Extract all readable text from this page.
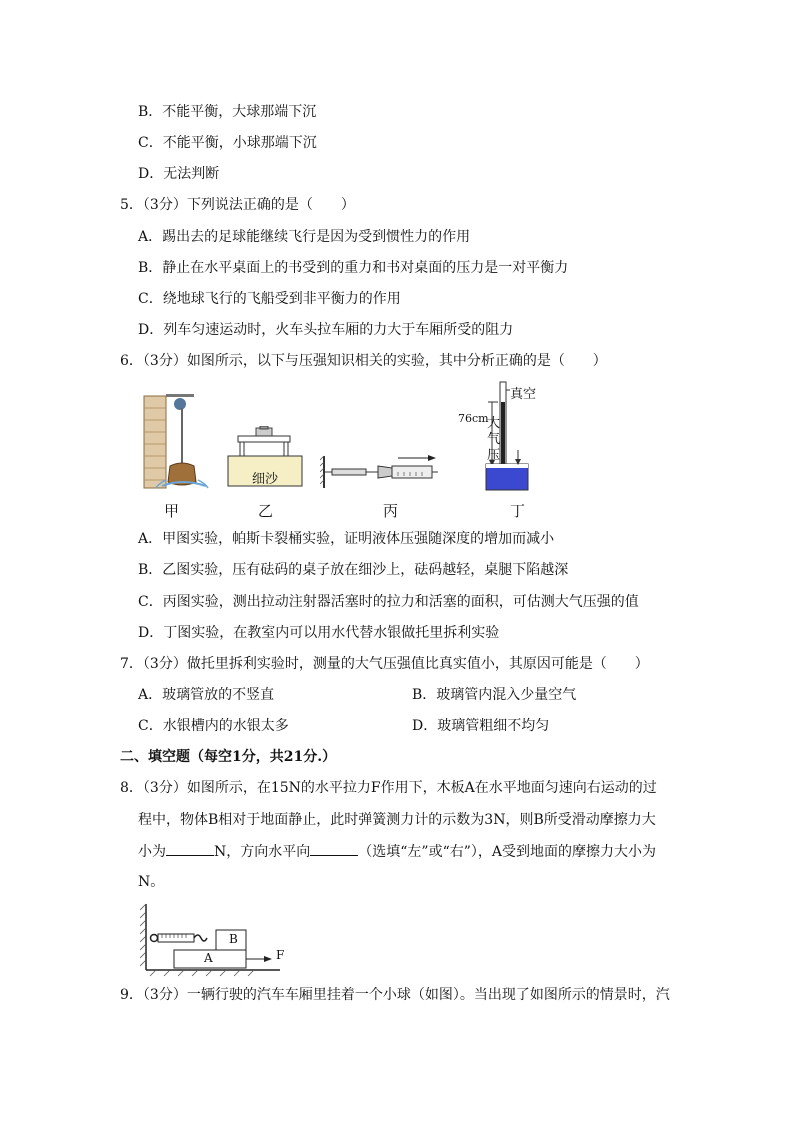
B．不能平衡，大球那端下沉
C．不能平衡，小球那端下沉
D．无法判断
5．（3分）下列说法正确的是（　　）
A．踢出去的足球能继续飞行是因为受到惯性力的作用
B．静止在水平桌面上的书受到的重力和书对桌面的压力是一对平衡力
C．绕地球飞行的飞船受到非平衡力的作用
D．列车匀速运动时，火车头拉车厢的力大于车厢所受的阻力
6．（3分）如图所示，以下与压强知识相关的实验，其中分析正确的是（　　）
甲
细沙
乙	丙
真空
76cm
大
气
压
丁
A．甲图实验，帕斯卡裂桶实验，证明液体压强随深度的增加而减小
B．乙图实验，压有砝码的桌子放在细沙上，砝码越轻，桌腿下陷越深
C．丙图实验，测出拉动注射器活塞时的拉力和活塞的面积，可估测大气压强的值
D．丁图实验，在教室内可以用水代替水银做托里拆利实验
7．（3分）做托里拆利实验时，测量的大气压强值比真实值小，其原因可能是（　　）
A．玻璃管放的不竖直	B．玻璃管内混入少量空气
C．水银槽内的水银太多	D．玻璃管粗细不均匀
二、填空题（每空1分，共21分.）
8．（3分）如图所示，在15N的水平拉力F作用下，木板A在水平地面匀速向右运动的过
程中，物体B相对于地面静止，此时弹簧测力计的示数为3N，则B所受滑动摩擦力大
小为	N，方向水平向	（选填“左”或“右”），A受到地面的摩擦力大小为
N。
B
A	F
9．（3分）一辆行驶的汽车车厢里挂着一个小球（如图）。当出现了如图所示的情景时，汽
